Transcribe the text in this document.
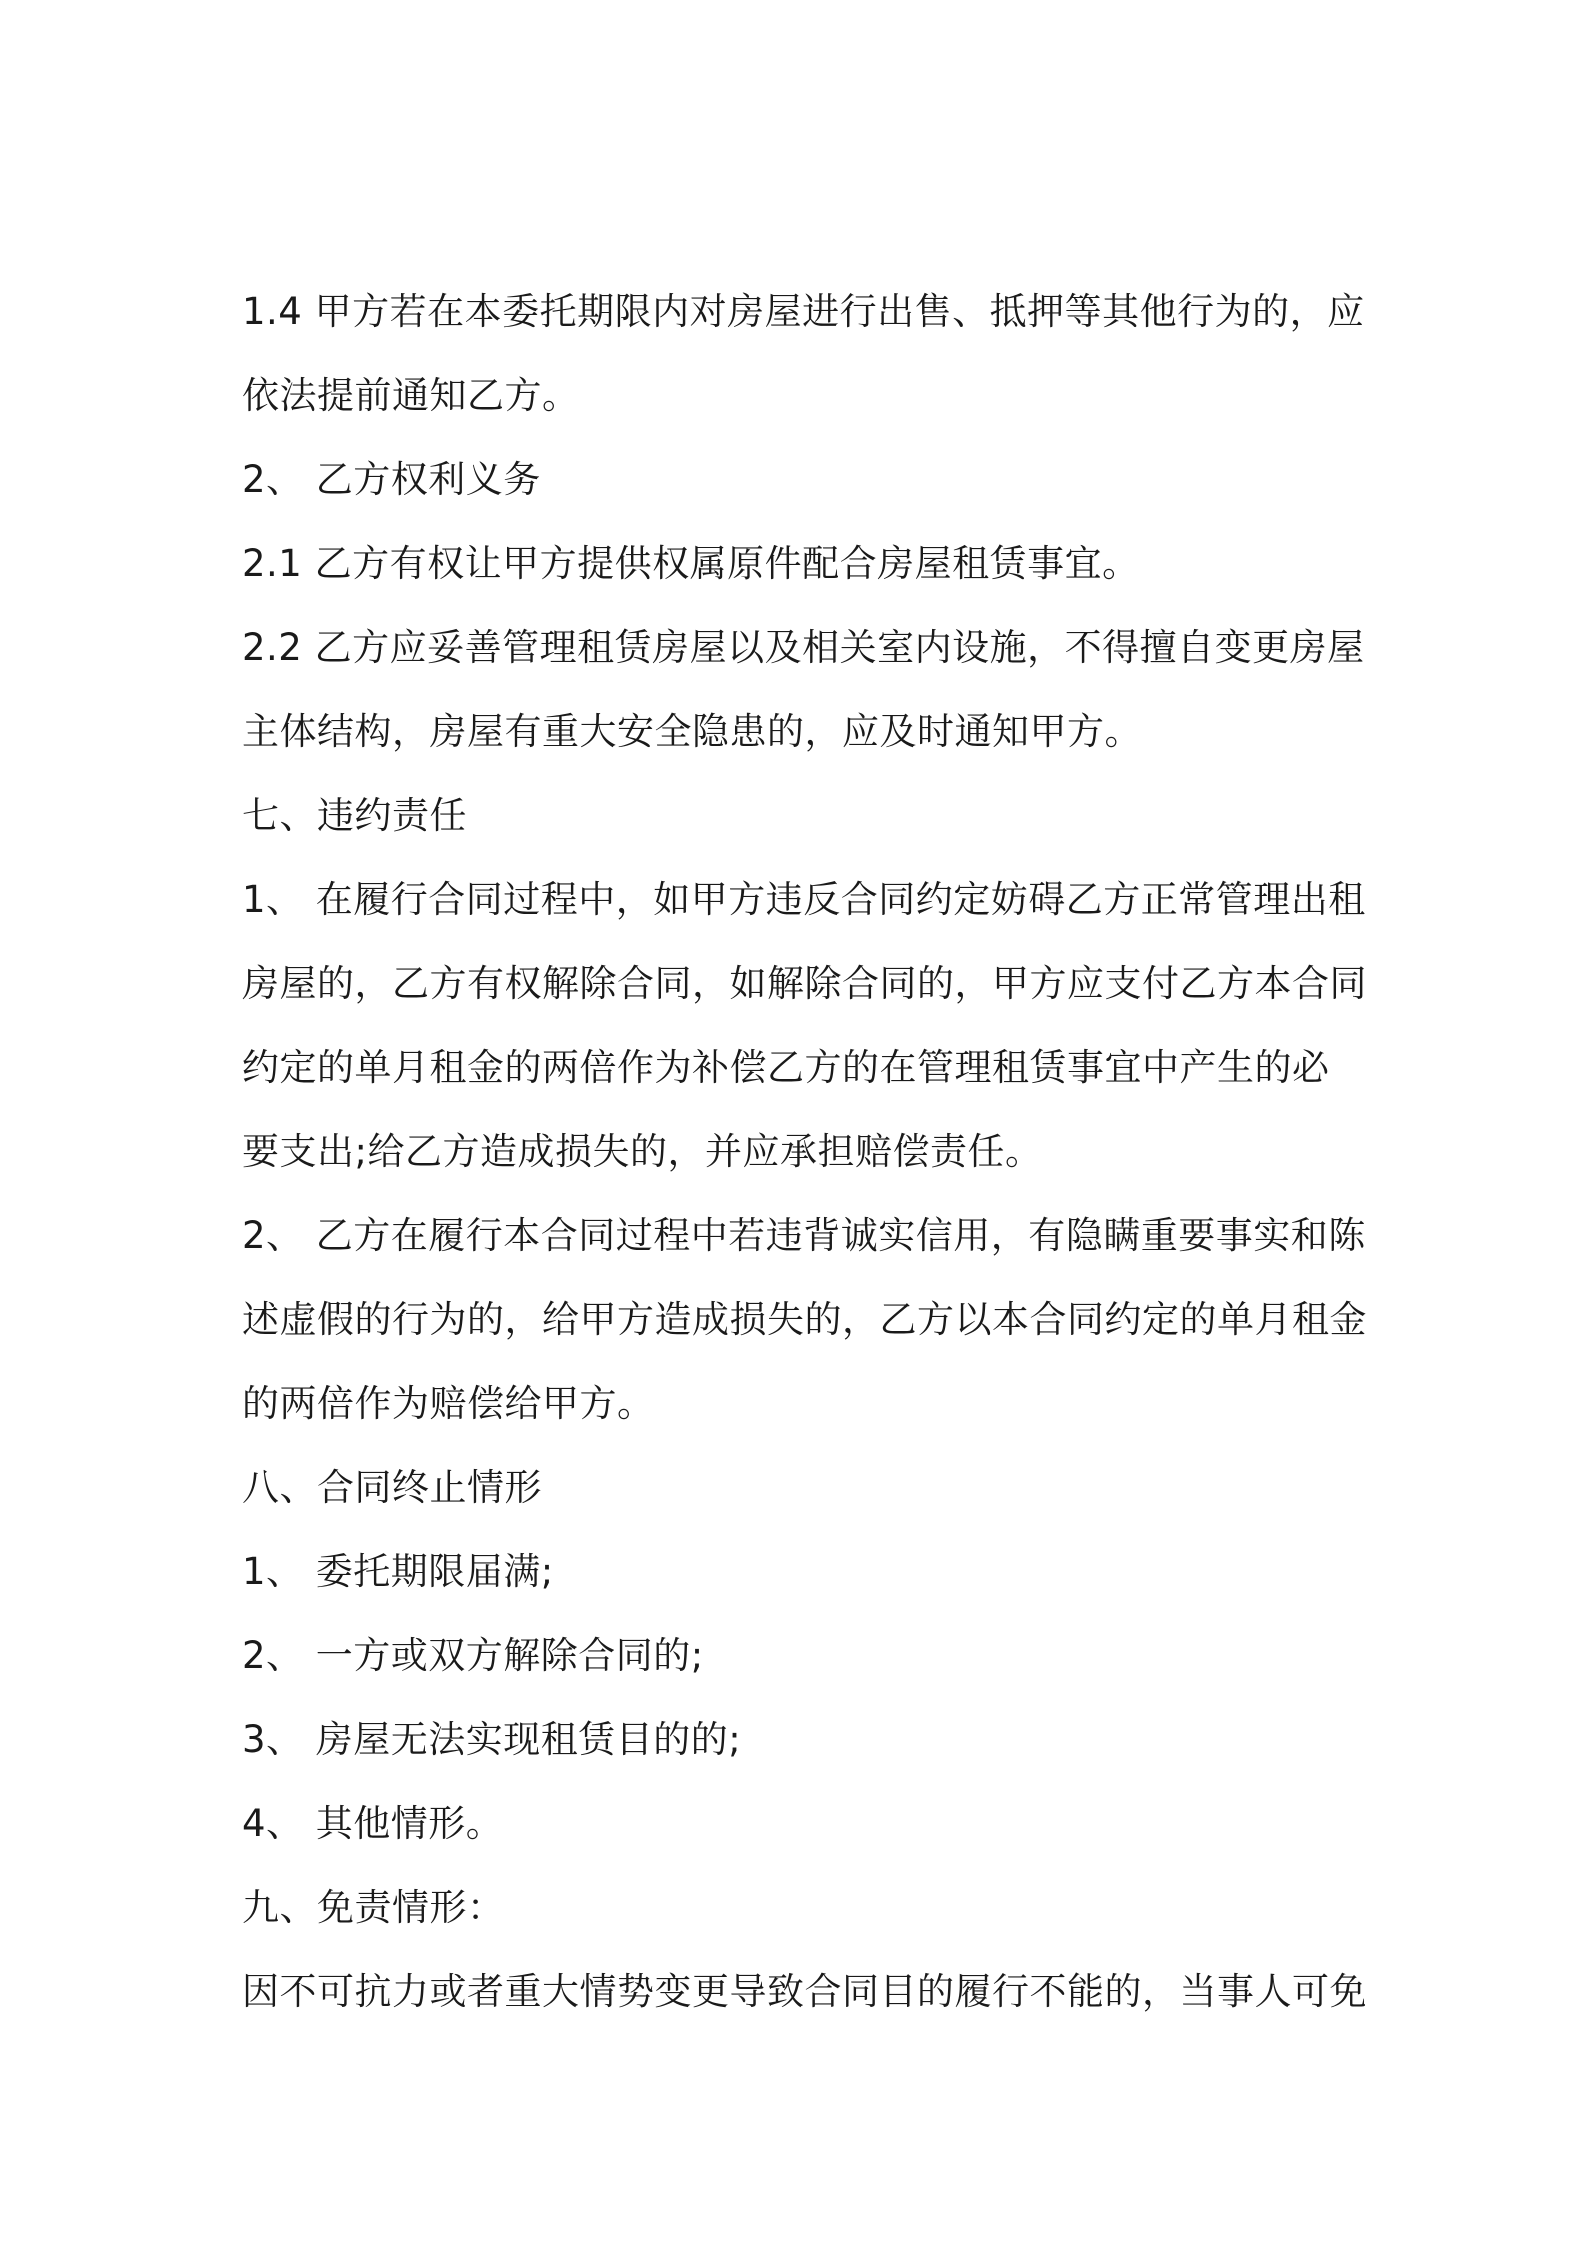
1.4 甲方若在本委托期限内对房屋进行出售、抵押等其他行为的，应
依法提前通知乙方。
2、 乙方权利义务
2.1 乙方有权让甲方提供权属原件配合房屋租赁事宜。
2.2 乙方应妥善管理租赁房屋以及相关室内设施，不得擅自变更房屋
主体结构，房屋有重大安全隐患的，应及时通知甲方。
七、违约责任
1、 在履行合同过程中，如甲方违反合同约定妨碍乙方正常管理出租
房屋的，乙方有权解除合同，如解除合同的，甲方应支付乙方本合同
约定的单月租金的两倍作为补偿乙方的在管理租赁事宜中产生的必
要支出;给乙方造成损失的，并应承担赔偿责任。
2、 乙方在履行本合同过程中若违背诚实信用，有隐瞒重要事实和陈
述虚假的行为的，给甲方造成损失的，乙方以本合同约定的单月租金
的两倍作为赔偿给甲方。
八、合同终止情形
1、 委托期限届满;
2、 一方或双方解除合同的;
3、 房屋无法实现租赁目的的;
4、 其他情形。
九、免责情形：
因不可抗力或者重大情势变更导致合同目的履行不能的，当事人可免
